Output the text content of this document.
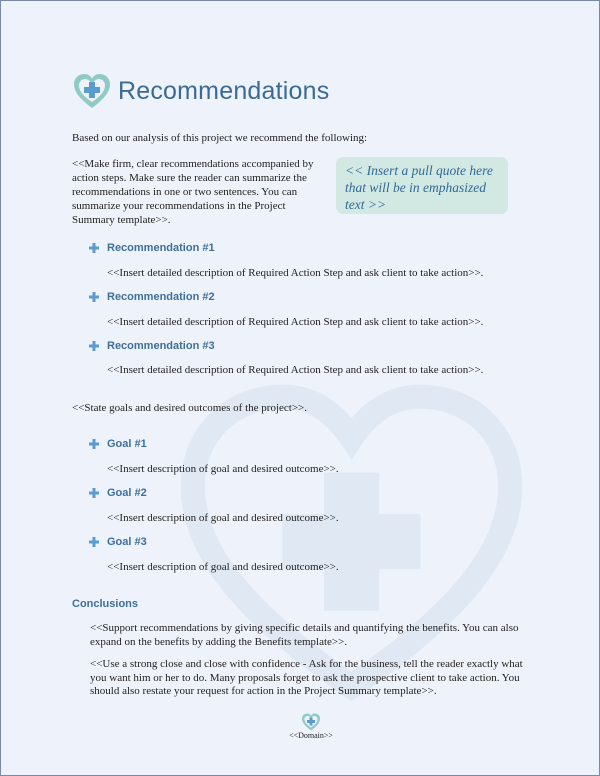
Recommendations
Based on our analysis of this project we recommend the following:
<<Make firm, clear recommendations accompanied by
action steps. Make sure the reader can summarize the
recommendations in one or two sentences. You can
summarize your recommendations in the Project
Summary template>>.
<< Insert a pull quote here
that will be in emphasized
text >>
Recommendation #1
<<Insert detailed description of Required Action Step and ask client to take action>>.
Recommendation #2
<<Insert detailed description of Required Action Step and ask client to take action>>.
Recommendation #3
<<Insert detailed description of Required Action Step and ask client to take action>>.
<<State goals and desired outcomes of the project>>.
Goal #1
<<Insert description of goal and desired outcome>>.
Goal #2
<<Insert description of goal and desired outcome>>.
Goal #3
<<Insert description of goal and desired outcome>>.
Conclusions
<<Support recommendations by giving specific details and quantifying the benefits. You can also
expand on the benefits by adding the Benefits template>>.
<<Use a strong close and close with confidence - Ask for the business, tell the reader exactly what
you want him or her to do. Many proposals forget to ask the prospective client to take action. You
should also restate your request for action in the Project Summary template>>.
<<Domain>>
